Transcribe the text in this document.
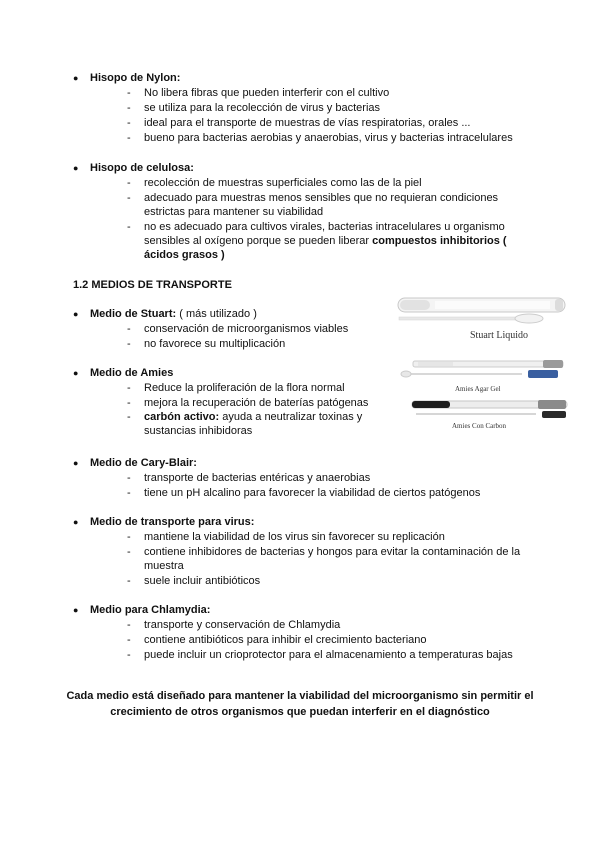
● Hisopo de Nylon:
- No libera fibras que pueden interferir con el cultivo
- se utiliza para la recolección de virus y bacterias
- ideal para el transporte de muestras de vías respiratorias, orales ...
- bueno para bacterias aerobias y anaerobias, virus y bacterias intracelulares
● Hisopo de celulosa:
- recolección de muestras superficiales como las de la piel
- adecuado para muestras menos sensibles que no requieran condiciones estrictas para mantener su viabilidad
- no es adecuado para cultivos virales, bacterias intracelulares u organismo sensibles al oxígeno porque se pueden liberar compuestos inhibitorios ( ácidos grasos )
1.2 MEDIOS DE TRANSPORTE
● Medio de Stuart: ( más utilizado )
- conservación de microorganismos viables
- no favorece su multiplicación
● Medio de Amies
- Reduce la proliferación de la flora normal
- mejora la recuperación de baterías patógenas
- carbón activo: ayuda a neutralizar toxinas y sustancias inhibidoras
● Medio de Cary-Blair:
- transporte de bacterias entéricas y anaerobias
- tiene un pH alcalino para favorecer la viabilidad de ciertos patógenos
● Medio de transporte para virus:
- mantiene la viabilidad de los virus sin favorecer su replicación
- contiene inhibidores de bacterias y hongos para evitar la contaminación de la muestra
- suele incluir antibióticos
● Medio para Chlamydia:
- transporte y conservación de Chlamydia
- contiene antibióticos para inhibir el crecimiento bacteriano
- puede incluir un crioprotector para el almacenamiento a temperaturas bajas
Cada medio está diseñado para mantener la viabilidad del microorganismo sin permitir el crecimiento de otros organismos que puedan interferir en el diagnóstico
Stuart Liquido
Amies Agar Gel
Amies Con Carbon
